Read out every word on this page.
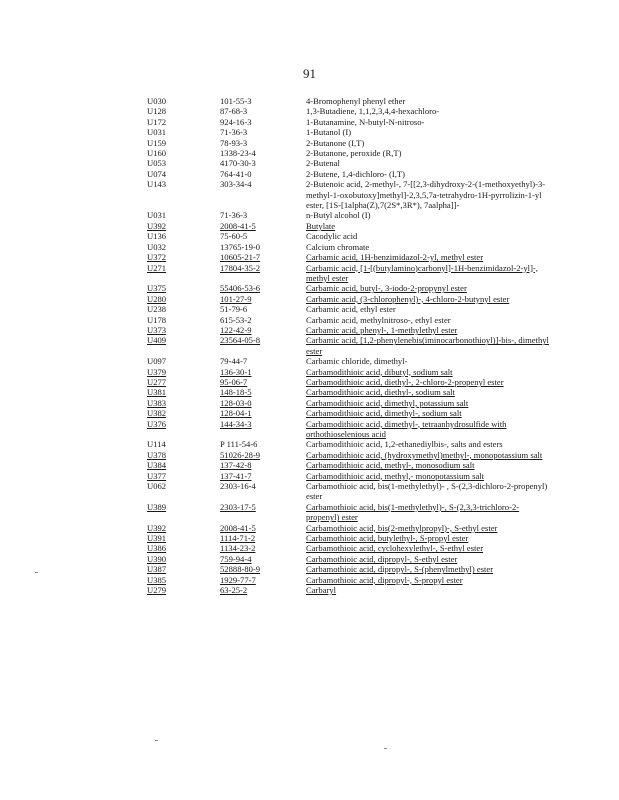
91
U030	101-55-3	4-Bromophenyl phenyl ether
U128	87-68-3	1,3-Butadiene, 1,1,2,3,4,4-hexachloro-
U172	924-16-3	1-Butanamine, N-butyl-N-nitroso-
U031	71-36-3	1-Butanol (I)
U159	78-93-3	2-Butanone (I,T)
U160	1338-23-4	2-Butanone, peroxide (R,T)
U053	4170-30-3	2-Butenal
U074	764-41-0	2-Butene, 1,4-dichloro- (I,T)
U143	303-34-4	2-Butenoic acid, 2-methyl-, 7-[[2,3-dihydroxy-2-(1-methoxyethyl)-3-methyl-1-oxobutoxy]methyl]-2,3,5,7a-tetrahydro-1H-pyrrolizin-1-yl ester, [1S-[1alpha(Z),7(2S*,3R*), 7aalpha]]-
U031	71-36-3	n-Butyl alcohol (I)
U392	2008-41-5	Butylate
U136	75-60-5	Cacodylic acid
U032	13765-19-0	Calcium chromate
U372	10605-21-7	Carbamic acid, 1H-benzimidazol-2-yl, methyl ester
U271	17804-35-2	Carbamic acid, [1-[(butylamino)carbonyl]-1H-benzimidazol-2-yl]-, methyl ester
U375	55406-53-6	Carbamic acid, butyl-, 3-iodo-2-propynyl ester
U280	101-27-9	Carbamic acid, (3-chlorophenyl)-, 4-chloro-2-butynyl ester
U238	51-79-6	Carbamic acid, ethyl ester
U178	615-53-2	Carbamic acid, methylnitroso-, ethyl ester
U373	122-42-9	Carbamic acid, phenyl-, 1-methylethyl ester
U409	23564-05-8	Carbamic acid, [1,2-phenylenebis(iminocarbonothioyl)]-bis-, dimethyl ester
U097	79-44-7	Carbamic chloride, dimethyl-
U379	136-30-1	Carbamodithioic acid, dibutyl, sodium salt
U277	95-06-7	Carbamodithioic acid, diethyl-, 2-chloro-2-propenyl ester
U381	148-18-5	Carbamodithioic acid, diethyl-, sodium salt
U383	128-03-0	Carbamodithioic acid, dimethyl, potassium salt
U382	128-04-1	Carbamodithioic acid, dimethyl-, sodium salt
U376	144-34-3	Carbamodithioic acid, dimethyl-, tetraanhydrosulfide with orthothioselenious acid
U114	P 111-54-6	Carbamodithioic acid, 1,2-ethanediylbis-, salts and esters
U378	51026-28-9	Carbamodithioic acid, (hydroxymethyl)methyl-, monopotassium salt
U384	137-42-8	Carbamodithioic acid, methyl-, monosodium salt
U377	137-41-7	Carbamodithioic acid, methyl,- monopotassium salt
U062	2303-16-4	Carbamothioic acid, bis(1-methylethyl)- , S-(2,3-dichloro-2-propenyl) ester
U389	2303-17-5	Carbamothioic acid, bis(1-methylethyl)-, S-(2,3,3-trichloro-2-propenyl) ester
U392	2008-41-5	Carbamothioic acid, bis(2-methylpropyl)-, S-ethyl ester
U391	1114-71-2	Carbamothioic acid, butylethyl-, S-propyl ester
U386	1134-23-2	Carbamothioic acid, cyclohexylethyl-, S-ethyl ester
U390	759-94-4	Carbamothioic acid, dipropyl-, S-ethyl ester
U387	52888-80-9	Carbamothioic acid, dipropyl-, S-(phenylmethyl) ester
U385	1929-77-7	Carbamothioic acid, dipropyl-, S-propyl ester
U279	63-25-2	Carbaryl
